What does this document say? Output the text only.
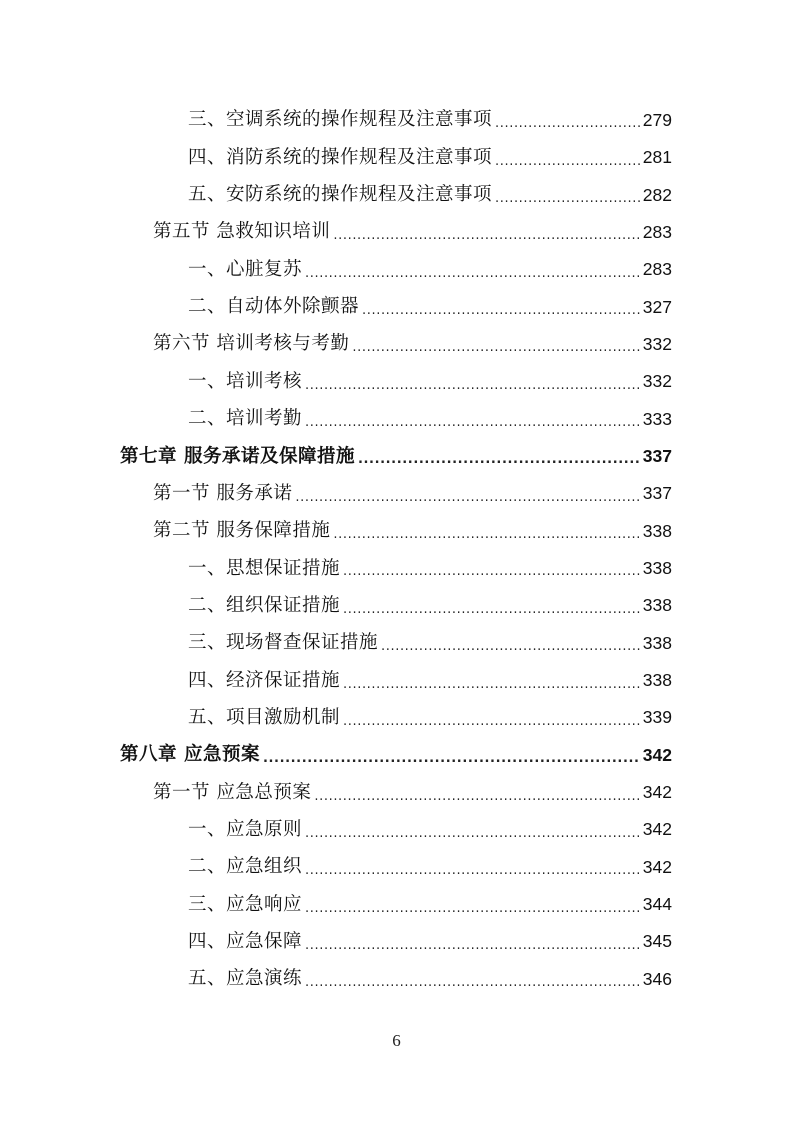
三、空调系统的操作规程及注意事项 .....	279
四、消防系统的操作规程及注意事项 .....	281
五、安防系统的操作规程及注意事项 .....	282
第五节 急救知识培训 .....	283
一、心脏复苏 .....	283
二、自动体外除颤器 .....	327
第六节 培训考核与考勤 .....	332
一、培训考核 .....	332
二、培训考勤 .....	333
第七章 服务承诺及保障措施 .....	337
第一节 服务承诺 .....	337
第二节 服务保障措施 .....	338
一、思想保证措施 .....	338
二、组织保证措施 .....	338
三、现场督查保证措施 .....	338
四、经济保证措施 .....	338
五、项目激励机制 .....	339
第八章 应急预案 .....	342
第一节 应急总预案 .....	342
一、应急原则 .....	342
二、应急组织 .....	342
三、应急响应 .....	344
四、应急保障 .....	345
五、应急演练 .....	346
6
